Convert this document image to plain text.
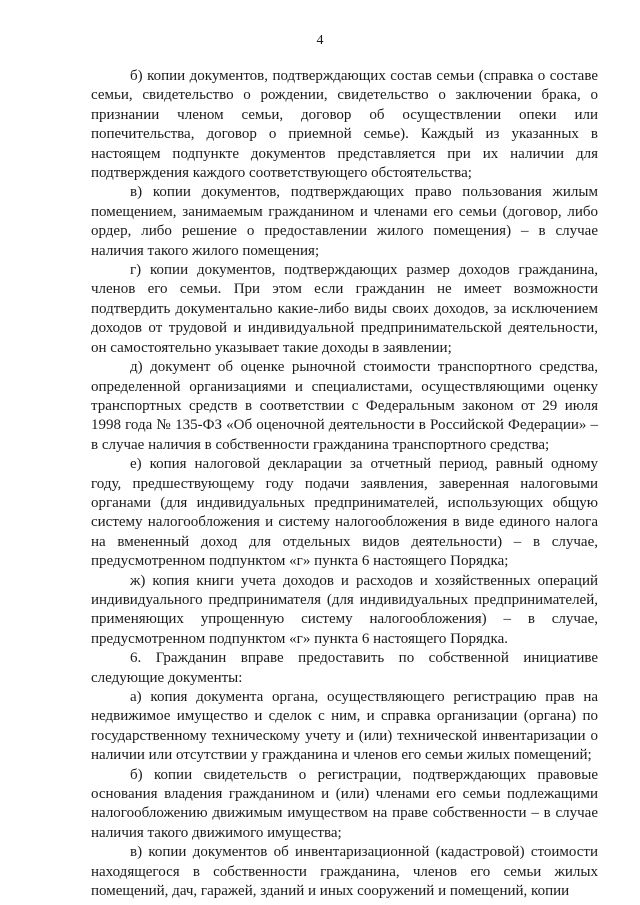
4

б) копии документов, подтверждающих состав семьи (справка о составе семьи, свидетельство о рождении, свидетельство о заключении брака, о признании членом семьи, договор об осуществлении опеки или попечительства, договор о приемной семье). Каждый из указанных в настоящем подпункте документов представляется при их наличии для подтверждения каждого соответствующего обстоятельства;

в) копии документов, подтверждающих право пользования жилым помещением, занимаемым гражданином и членами его семьи (договор, либо ордер, либо решение о предоставлении жилого помещения) – в случае наличия такого жилого помещения;

г) копии документов, подтверждающих размер доходов гражданина, членов его семьи. При этом если гражданин не имеет возможности подтвердить документально какие-либо виды своих доходов, за исключением доходов от трудовой и индивидуальной предпринимательской деятельности, он самостоятельно указывает такие доходы в заявлении;

д) документ об оценке рыночной стоимости транспортного средства, определенной организациями и специалистами, осуществляющими оценку транспортных средств в соответствии с Федеральным законом от 29 июля 1998 года № 135-ФЗ «Об оценочной деятельности в Российской Федерации» – в случае наличия в собственности гражданина транспортного средства;

е) копия налоговой декларации за отчетный период, равный одному году, предшествующему году подачи заявления, заверенная налоговыми органами (для индивидуальных предпринимателей, использующих общую систему налогообложения и систему налогообложения в виде единого налога на вмененный доход для отдельных видов деятельности) – в случае, предусмотренном подпунктом «г» пункта 6 настоящего Порядка;

ж) копия книги учета доходов и расходов и хозяйственных операций индивидуального предпринимателя (для индивидуальных предпринимателей, применяющих упрощенную систему налогообложения) – в случае, предусмотренном подпунктом «г» пункта 6 настоящего Порядка.

6. Гражданин вправе предоставить по собственной инициативе следующие документы:

а) копия документа органа, осуществляющего регистрацию прав на недвижимое имущество и сделок с ним, и справка организации (органа) по государственному техническому учету и (или) технической инвентаризации о наличии или отсутствии у гражданина и членов его семьи жилых помещений;

б) копии свидетельств о регистрации, подтверждающих правовые основания владения гражданином и (или) членами его семьи подлежащими налогообложению движимым имуществом на праве собственности – в случае наличия такого движимого имущества;

в) копии документов об инвентаризационной (кадастровой) стоимости находящегося в собственности гражданина, членов его семьи жилых помещений, дач, гаражей, зданий и иных сооружений и помещений, копии
